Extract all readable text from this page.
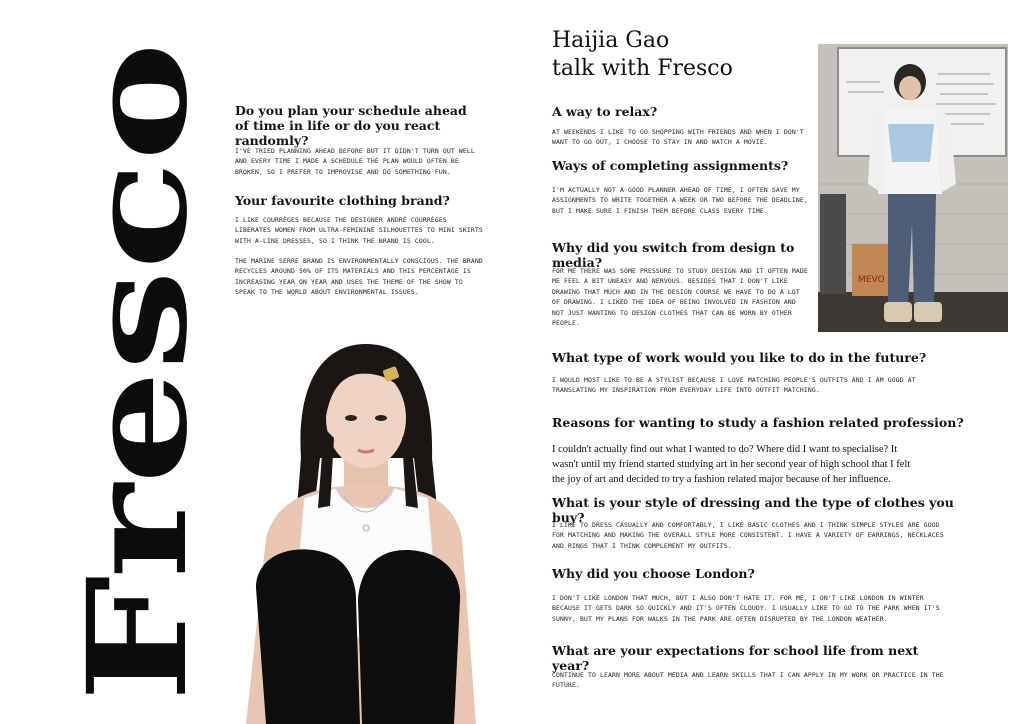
Fresco
Do you plan your schedule ahead of time in life or do you react randomly?

I'VE TRIED PLANNING AHEAD BEFORE BUT IT DIDN'T TURN OUT WELL AND EVERY TIME I MADE A SCHEDULE THE PLAN WOULD OFTEN BE BROKEN, SO I PREFER TO IMPROVISE AND DO SOMETHING FUN.

Your favourite clothing brand?

I LIKE COURRÈGES BECAUSE THE DESIGNER ANDRÉ COURRÈGES LIBERATES WOMEN FROM ULTRA-FEMININE SILHOUETTES TO MINI SKIRTS WITH A-LINE DRESSES, SO I THINK THE BRAND IS COOL.

THE MARINE SERRE BRAND IS ENVIRONMENTALLY CONSCIOUS. THE BRAND RECYCLES AROUND 50% OF ITS MATERIALS AND THIS PERCENTAGE IS INCREASING YEAR ON YEAR AND USES THE THEME OF THE SHOW TO SPEAK TO THE WORLD ABOUT ENVIRONMENTAL ISSUES.

Haijia Gao
talk with Fresco
MEVO
A way to relax?

AT WEEKENDS I LIKE TO GO SHOPPING WITH FRIENDS AND WHEN I DON'T WANT TO GO OUT, I CHOOSE TO STAY IN AND WATCH A MOVIE.

Ways of completing assignments?

I'M ACTUALLY NOT A GOOD PLANNER AHEAD OF TIME, I OFTEN SAVE MY ASSIGNMENTS TO WRITE TOGETHER A WEEK OR TWO BEFORE THE DEADLINE, BUT I MAKE SURE I FINISH THEM BEFORE CLASS EVERY TIME.

Why did you switch from design to media?

FOR ME THERE WAS SOME PRESSURE TO STUDY DESIGN AND IT OFTEN MADE ME FEEL A BIT UNEASY AND NERVOUS. BESIDES THAT I DON'T LIKE DRAWING THAT MUCH AND IN THE DESIGN COURSE WE HAVE TO DO A LOT OF DRAWING. I LIKED THE IDEA OF BEING INVOLVED IN FASHION AND NOT JUST WANTING TO DESIGN CLOTHES THAT CAN BE WORN BY OTHER PEOPLE.

What type of work would you like to do in the future?

I WOULD MOST LIKE TO BE A STYLIST BECAUSE I LOVE MATCHING PEOPLE'S OUTFITS AND I AM GOOD AT TRANSLATING MY INSPIRATION FROM EVERYDAY LIFE INTO OUTFIT MATCHING.

Reasons for wanting to study a fashion related profession?

I couldn't actually find out what I wanted to do? Where did I want to specialise? It wasn't until my friend started studying art in her second year of high school that I felt the joy of art and decided to try a fashion related major because of her influence.

What is your style of dressing and the type of clothes you buy?

I LIKE TO DRESS CASUALLY AND COMFORTABLY, I LIKE BASIC CLOTHES AND I THINK SIMPLE STYLES ARE GOOD FOR MATCHING AND MAKING THE OVERALL STYLE MORE CONSISTENT. I HAVE A VARIETY OF EARRINGS, NECKLACES AND RINGS THAT I THINK COMPLEMENT MY OUTFITS.

Why did you choose London?

I DON'T LIKE LONDON THAT MUCH, BUT I ALSO DON'T HATE IT. FOR ME, I ON'T LIKE LONDON IN WINTER BECAUSE IT GETS DARK SO QUICKLY AND IT'S OFTEN CLOUDY. I USUALLY LIKE TO GO TO THE PARK WHEN IT'S SUNNY, BUT MY PLANS FOR WALKS IN THE PARK ARE OFTEN DISRUPTED BY THE LONDON WEATHER.

What are your expectations for school life from next year?

CONTINUE TO LEARN MORE ABOUT MEDIA AND LEARN SKILLS THAT I CAN APPLY IN MY WORK OR PRACTICE IN THE FUTURE.
